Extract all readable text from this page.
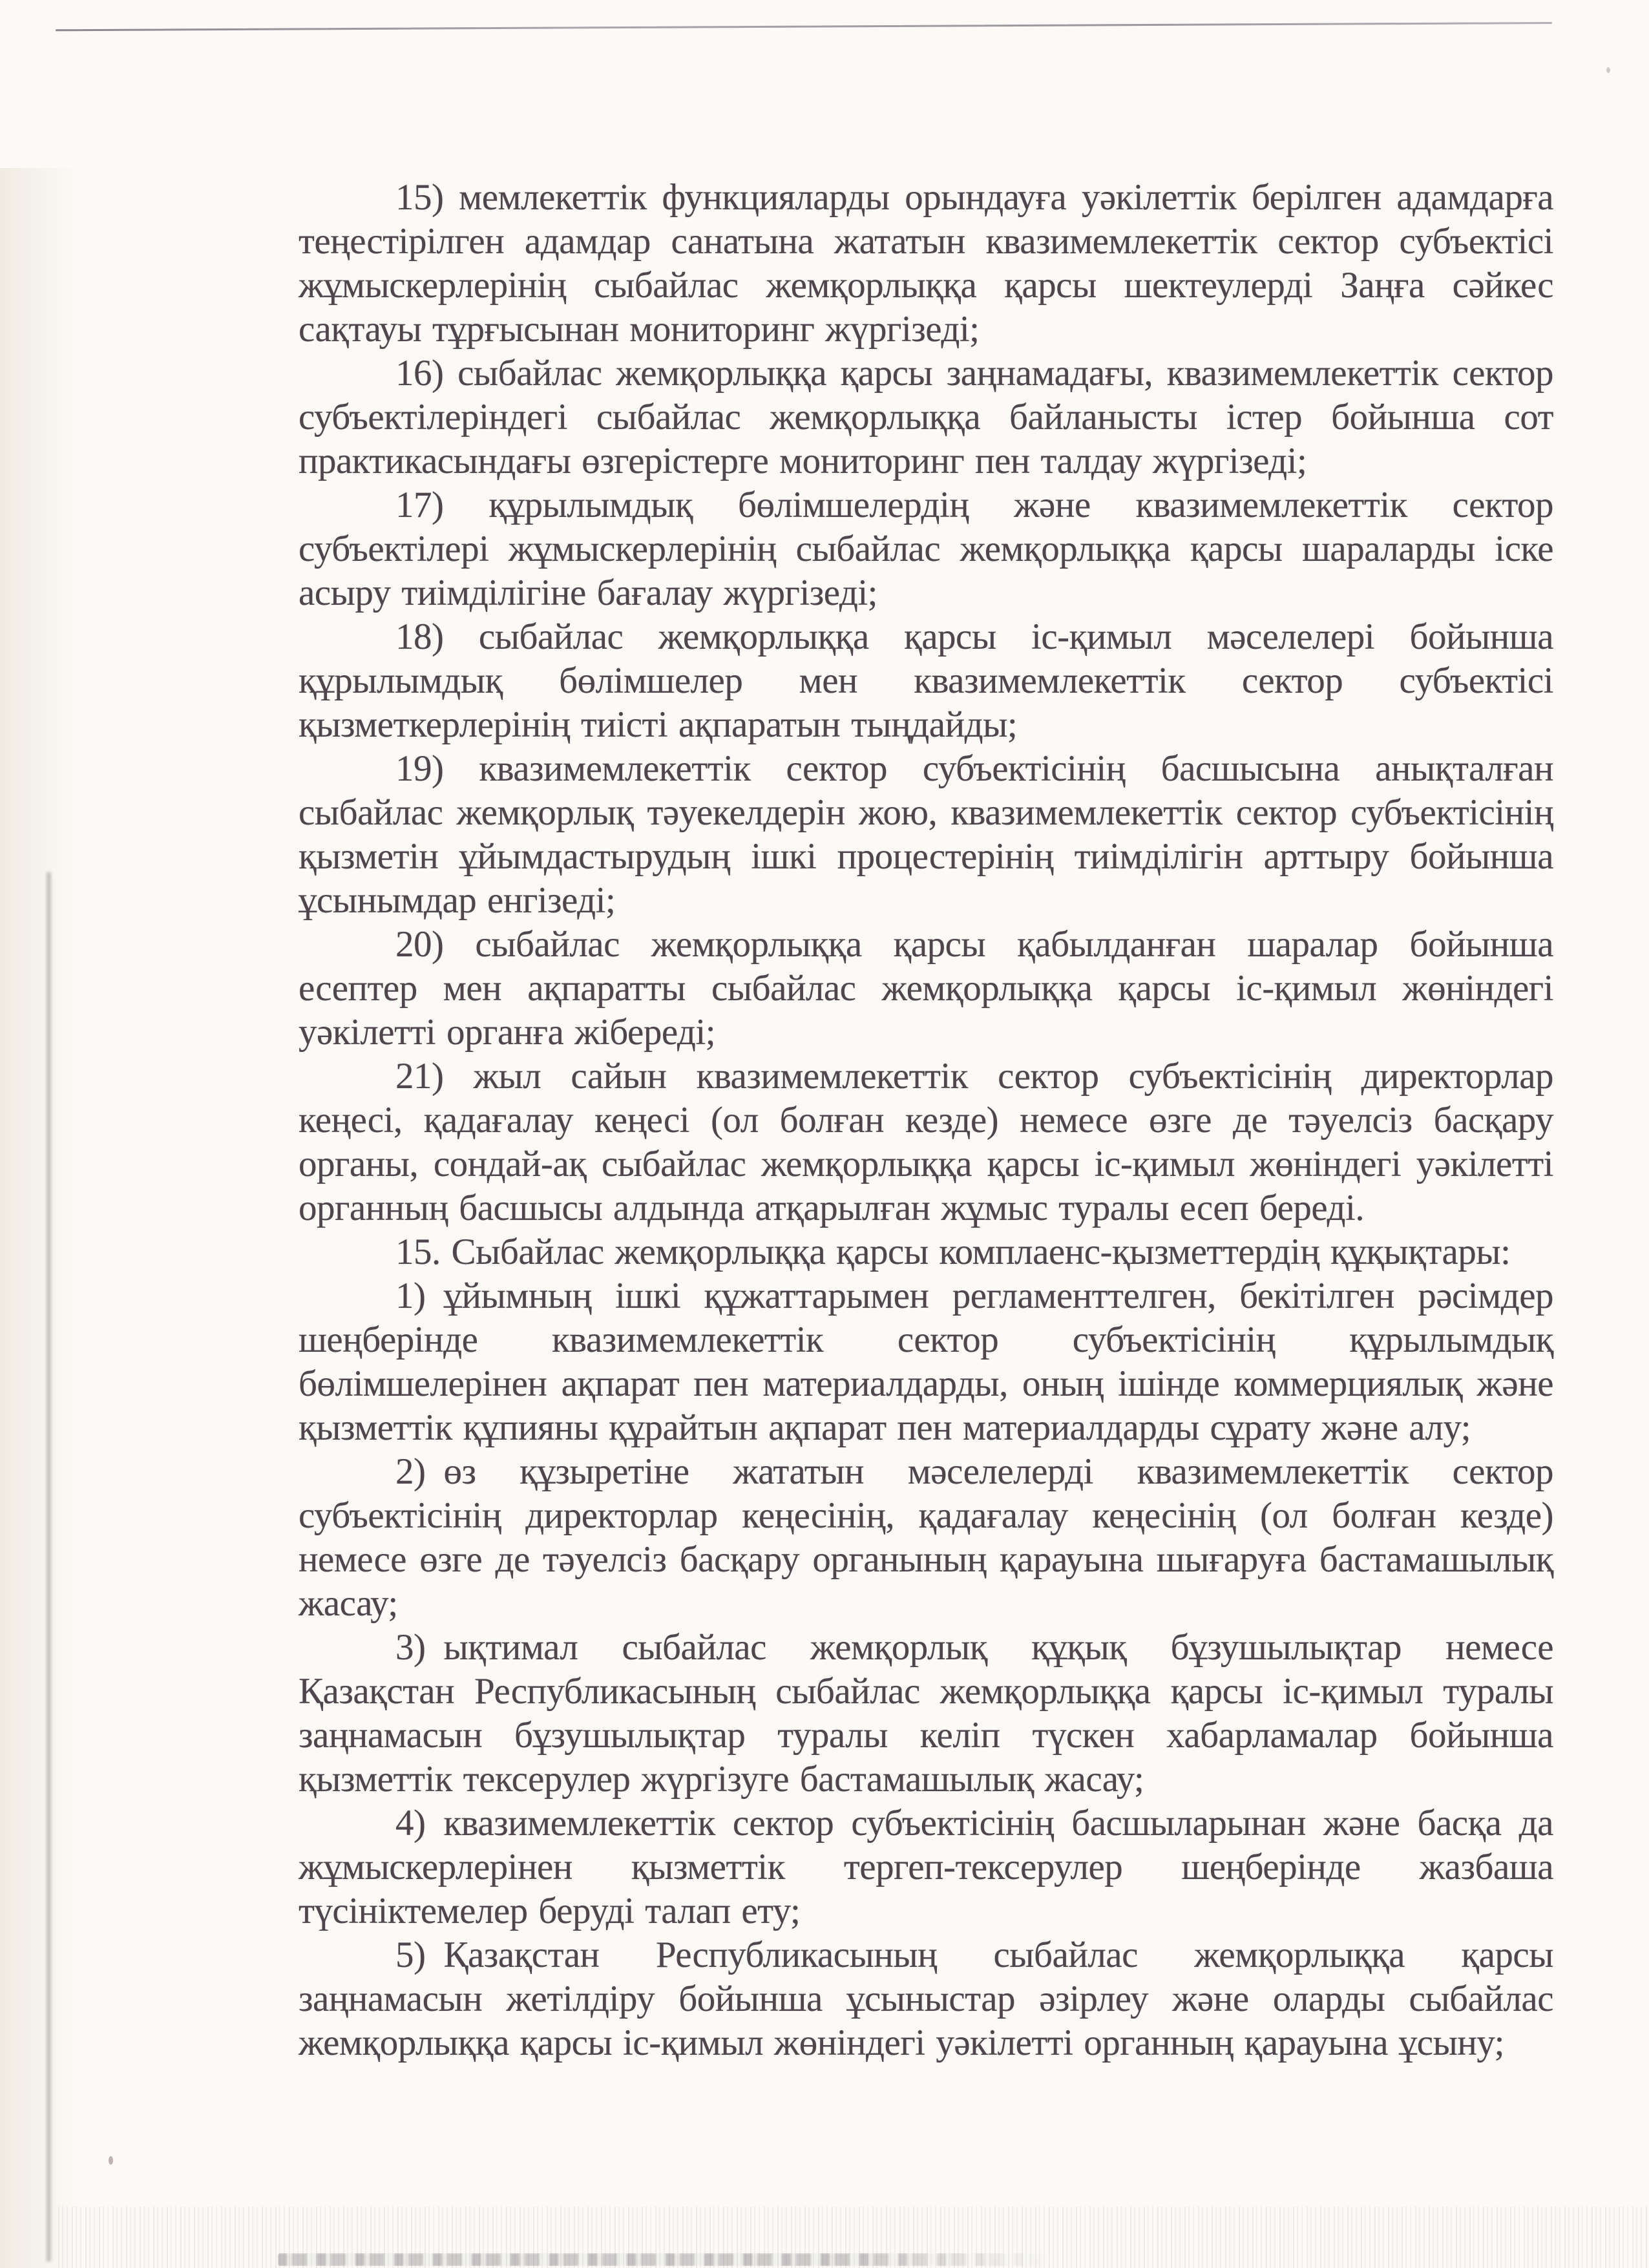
15) мемлекеттік функцияларды орындауға уәкілеттік берілген адамдарға теңестірілген адамдар санатына жататын квазимемлекеттік сектор субъектісі жұмыскерлерінің сыбайлас жемқорлыққа қарсы шектеулерді Заңға сәйкес сақтауы тұрғысынан мониторинг жүргізеді;

16) сыбайлас жемқорлыққа қарсы заңнамадағы, квазимемлекеттік сектор субъектілеріндегі сыбайлас жемқорлыққа байланысты істер бойынша сот практикасындағы өзгерістерге мониторинг пен талдау жүргізеді;

17) құрылымдық бөлімшелердің және квазимемлекеттік сектор субъектілері жұмыскерлерінің сыбайлас жемқорлыққа қарсы шараларды іске асыру тиімділігіне бағалау жүргізеді;

18) сыбайлас жемқорлыққа қарсы іс-қимыл мәселелері бойынша құрылымдық бөлімшелер мен квазимемлекеттік сектор субъектісі қызметкерлерінің тиісті ақпаратын тыңдайды;

19) квазимемлекеттік сектор субъектісінің басшысына анықталған сыбайлас жемқорлық тәуекелдерін жою, квазимемлекеттік сектор субъектісінің қызметін ұйымдастырудың ішкі процестерінің тиімділігін арттыру бойынша ұсынымдар енгізеді;

20) сыбайлас жемқорлыққа қарсы қабылданған шаралар бойынша есептер мен ақпаратты сыбайлас жемқорлыққа қарсы іс-қимыл жөніндегі уәкілетті органға жібереді;

21) жыл сайын квазимемлекеттік сектор субъектісінің директорлар кеңесі, қадағалау кеңесі (ол болған кезде) немесе өзге де тәуелсіз басқару органы, сондай-ақ сыбайлас жемқорлыққа қарсы іс-қимыл жөніндегі уәкілетті органның басшысы алдында атқарылған жұмыс туралы есеп береді.

15. Сыбайлас жемқорлыққа қарсы комплаенс-қызметтердің құқықтары:

1) ұйымның ішкі құжаттарымен регламенттелген, бекітілген рәсімдер шеңберінде квазимемлекеттік сектор субъектісінің құрылымдық бөлімшелерінен ақпарат пен материалдарды, оның ішінде коммерциялық және қызметтік құпияны құрайтын ақпарат пен материалдарды сұрату және алу;

2) өз құзыретіне жататын мәселелерді квазимемлекеттік сектор субъектісінің директорлар кеңесінің, қадағалау кеңесінің (ол болған кезде) немесе өзге де тәуелсіз басқару органының қарауына шығаруға бастамашылық жасау;

3) ықтимал сыбайлас жемқорлық құқық бұзушылықтар немесе Қазақстан Республикасының сыбайлас жемқорлыққа қарсы іс-қимыл туралы заңнамасын бұзушылықтар туралы келіп түскен хабарламалар бойынша қызметтік тексерулер жүргізуге бастамашылық жасау;

4) квазимемлекеттік сектор субъектісінің басшыларынан және басқа да жұмыскерлерінен қызметтік тергеп-тексерулер шеңберінде жазбаша түсініктемелер беруді талап ету;

5) Қазақстан Республикасының сыбайлас жемқорлыққа қарсы заңнамасын жетілдіру бойынша ұсыныстар әзірлеу және оларды сыбайлас жемқорлыққа қарсы іс-қимыл жөніндегі уәкілетті органның қарауына ұсыну;
